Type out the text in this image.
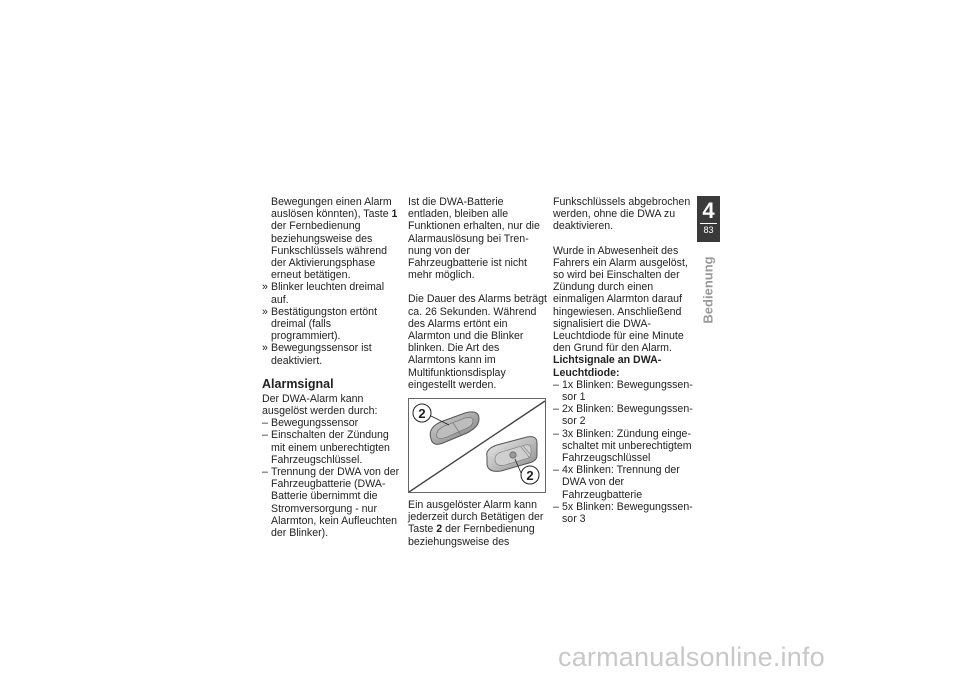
Bewegungen einen Alarm auslösen könnten), Taste 1 der Fernbedienung beziehungsweise des Funkschlüssels während der Aktivierungsphase erneut betätigen.

» Blinker leuchten dreimal auf.
» Bestätigungston ertönt dreimal (falls programmiert).
» Bewegungssensor ist deaktiviert.
Alarmsignal

Der DWA-Alarm kann ausgelöst werden durch:

– Bewegungssensor
– Einschalten der Zündung mit einem unberechtigten Fahrzeugschlüssel.
– Trennung der DWA von der Fahrzeugbatterie (DWA-Batterie übernimmt die Stromversorgung - nur Alarmton, kein Aufleuchten der Blinker).

Ist die DWA-Batterie entladen, bleiben alle Funktionen erhalten, nur die Alarmauslösung bei Trennung von der Fahrzeugbatterie ist nicht mehr möglich.

Die Dauer des Alarms beträgt ca. 26 Sekunden. Während des Alarms ertönt ein Alarmton und die Blinker blinken. Die Art des Alarmtons kann im Multifunktionsdisplay eingestellt werden.

2
2

Ein ausgelöster Alarm kann jederzeit durch Betätigen der Taste 2 der Fernbedienung beziehungsweise des

Funkschlüssels abgebrochen werden, ohne die DWA zu deaktivieren.

Wurde in Abwesenheit des Fahrers ein Alarm ausgelöst, so wird bei Einschalten der Zündung durch einen einmaligen Alarmton darauf hingewiesen. Anschließend signalisiert die DWA-Leuchtdiode für eine Minute den Grund für den Alarm.

Lichtsignale an DWA-Leuchtdiode:

– 1x Blinken: Bewegungssensor 1
– 2x Blinken: Bewegungssensor 2
– 3x Blinken: Zündung eingeschaltet mit unberechtigtem Fahrzeugschlüssel
– 4x Blinken: Trennung der DWA von der Fahrzeugbatterie
– 5x Blinken: Bewegungssensor 3
4
83
Bedienung
carmanualsonline.info
